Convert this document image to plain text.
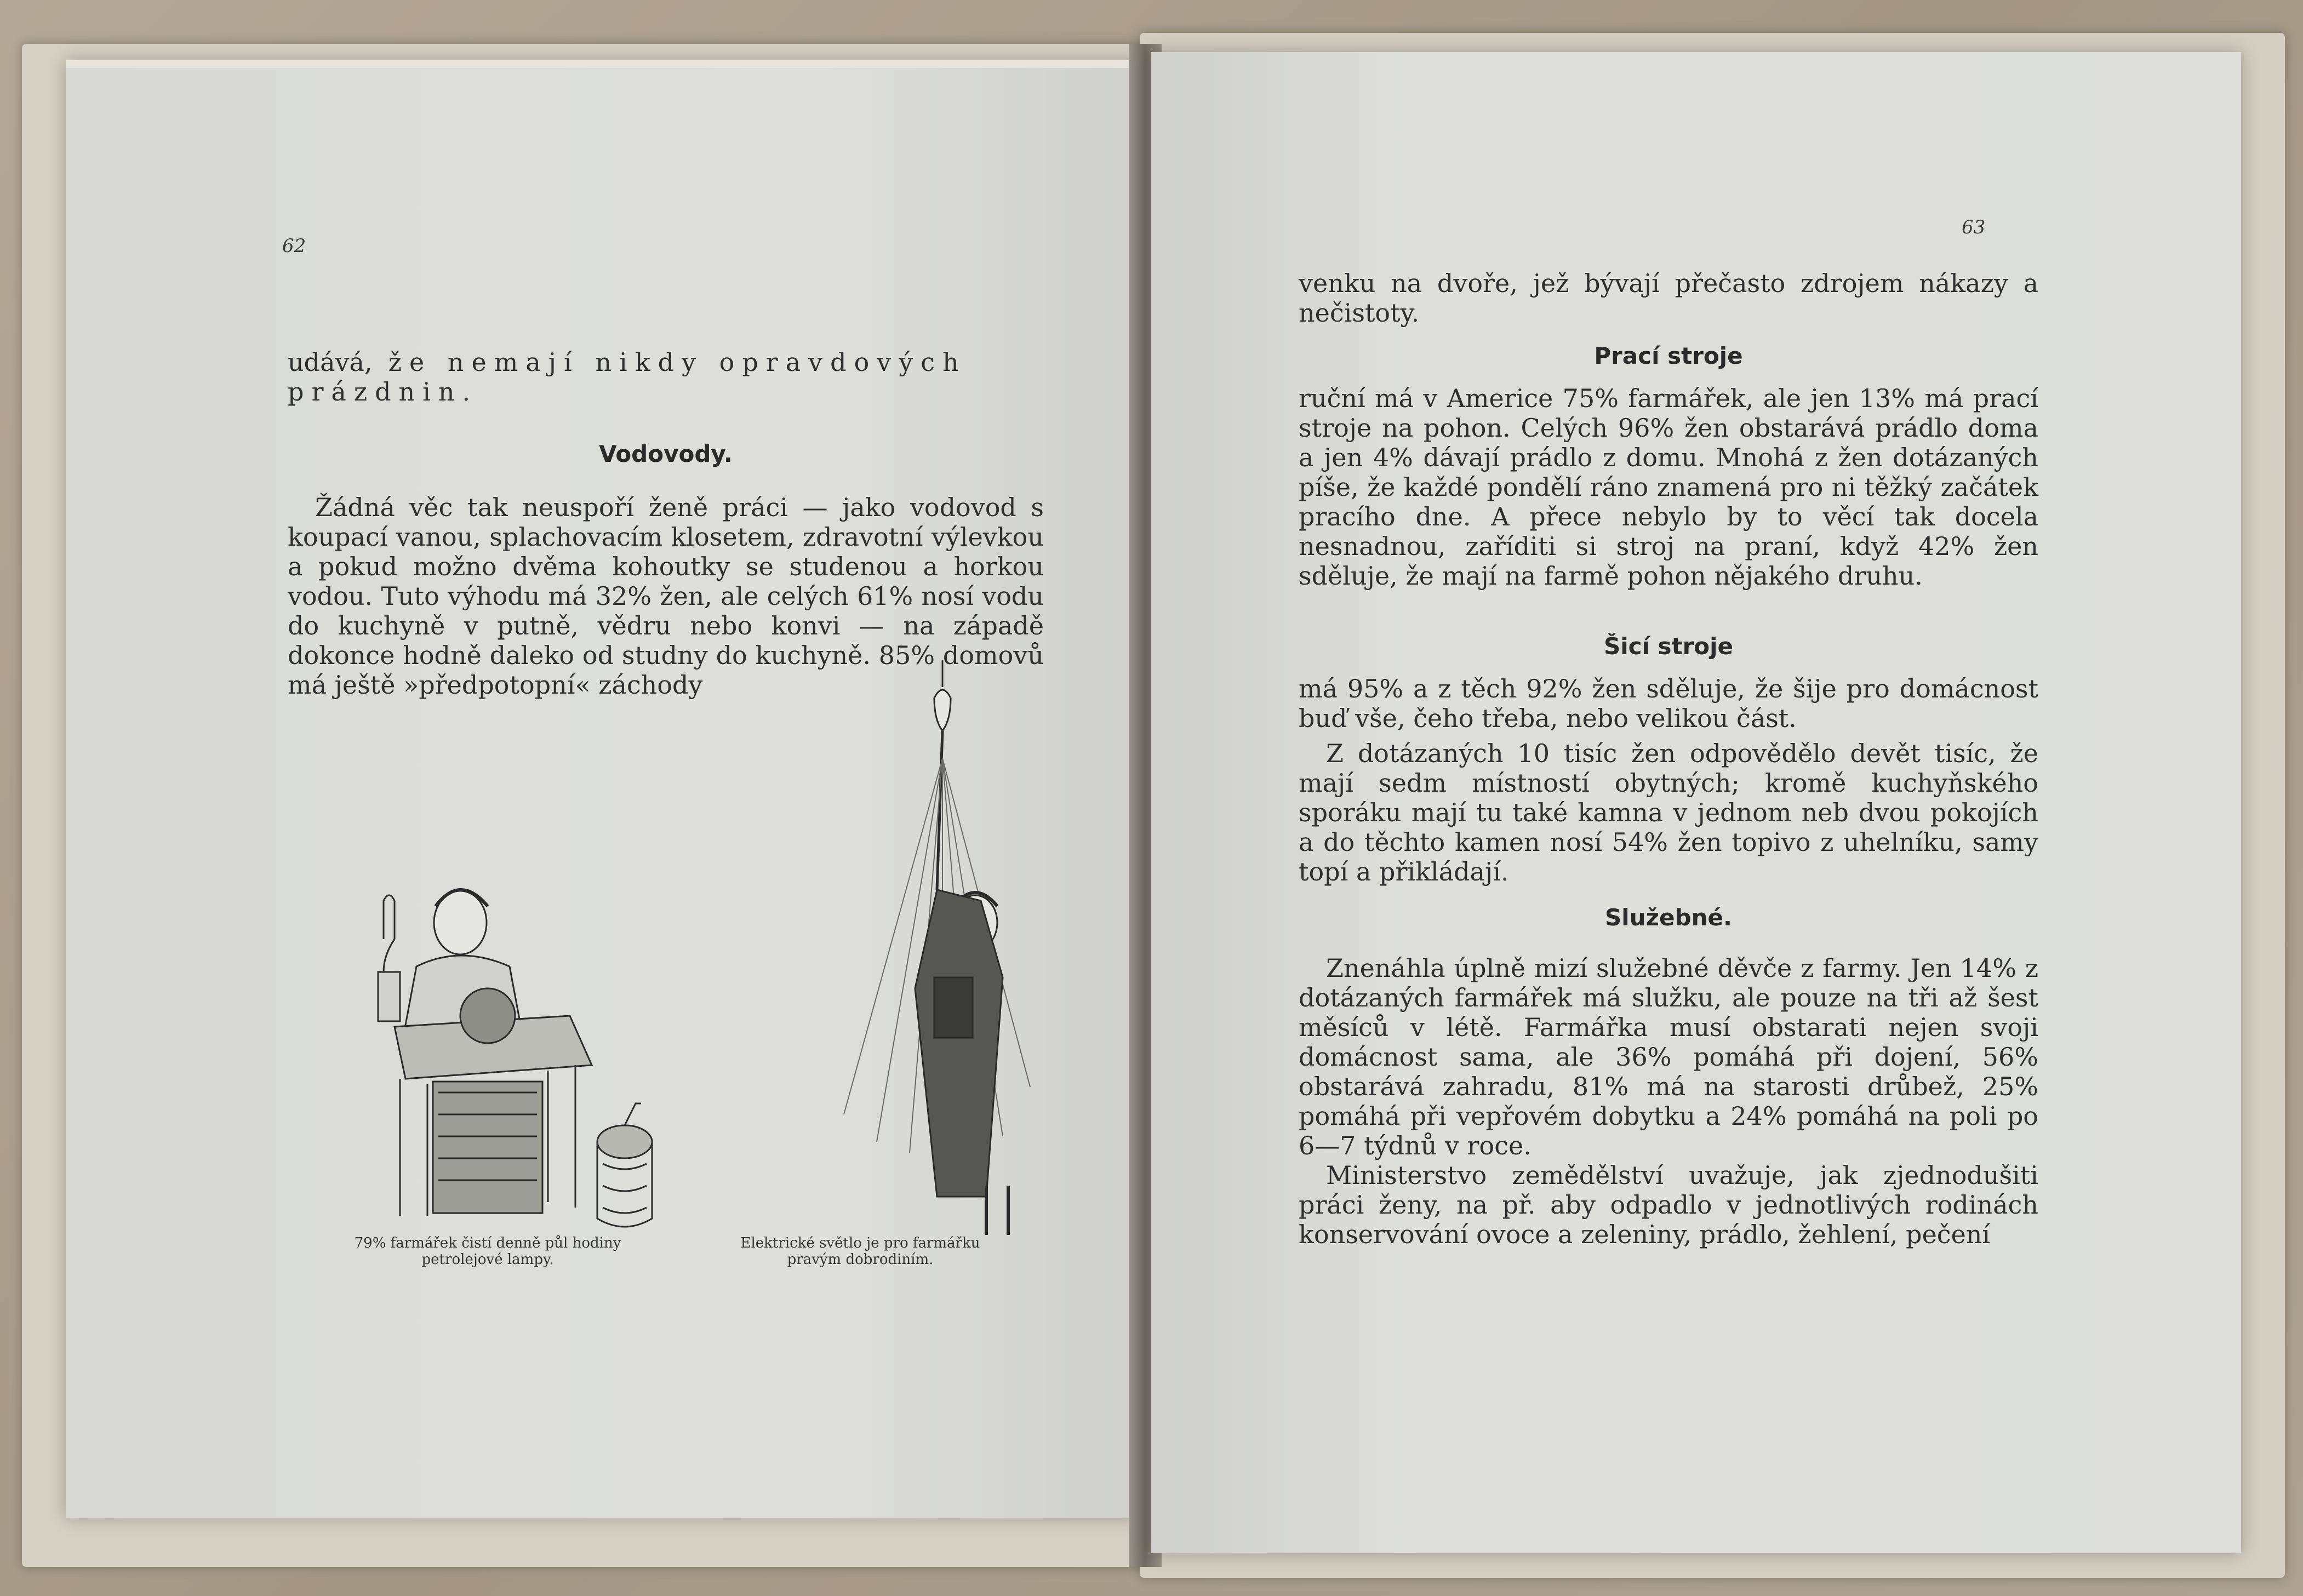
62

udává, že nemají nikdy opravdových

prázdnin.

Vodovody.

Žádná věc tak neuspoří ženě práci — jako vodovod s koupací vanou, splachovacím klosetem, zdravotní výlevkou a pokud možno dvěma kohoutky se studenou a horkou vodou. Tuto výhodu má 32% žen, ale celých 61% nosí vodu do kuchyně v putně, vědru nebo konvi — na západě dokonce hodně daleko od studny do kuchyně. 85% domovů má ještě »předpotopní« záchody

79% farmářek čistí denně půl hodiny
petrolejové lampy.
Elektrické světlo je pro farmářku
pravým dobrodiním.
63

venku na dvoře, jež bývají přečasto zdrojem nákazy a nečistoty.

Prací stroje

ruční má v Americe 75% farmářek, ale jen 13% má prací stroje na pohon. Celých 96% žen obstarává prádlo doma a jen 4% dávají prádlo z domu. Mnohá z žen dotázaných píše, že každé pondělí ráno znamená pro ni těžký začátek pracího dne. A přece nebylo by to věcí tak docela nesnadnou, zaříditi si stroj na praní, když 42% žen sděluje, že mají na farmě pohon nějakého druhu.

Šicí stroje

má 95% a z těch 92% žen sděluje, že šije pro domácnost buď vše, čeho třeba, nebo velikou část.

Z dotázaných 10 tisíc žen odpovědělo devět tisíc, že mají sedm místností obytných; kromě kuchyňského sporáku mají tu také kamna v jednom neb dvou pokojích a do těchto kamen nosí 54% žen topivo z uhelníku, samy topí a přikládají.

Služebné.

Znenáhla úplně mizí služebné děvče z farmy. Jen 14% z dotázaných farmářek má služku, ale pouze na tři až šest měsíců v létě. Farmářka musí obstarati nejen svoji domácnost sama, ale 36% pomáhá při dojení, 56% obstarává zahradu, 81% má na starosti drůbež, 25% pomáhá při vepřovém dobytku a 24% pomáhá na poli po 6—7 týdnů v roce.

Ministerstvo zemědělství uvažuje, jak zjednodušiti práci ženy, na př. aby odpadlo v jednotlivých rodinách konservování ovoce a zeleniny, prádlo, žehlení, pečení
